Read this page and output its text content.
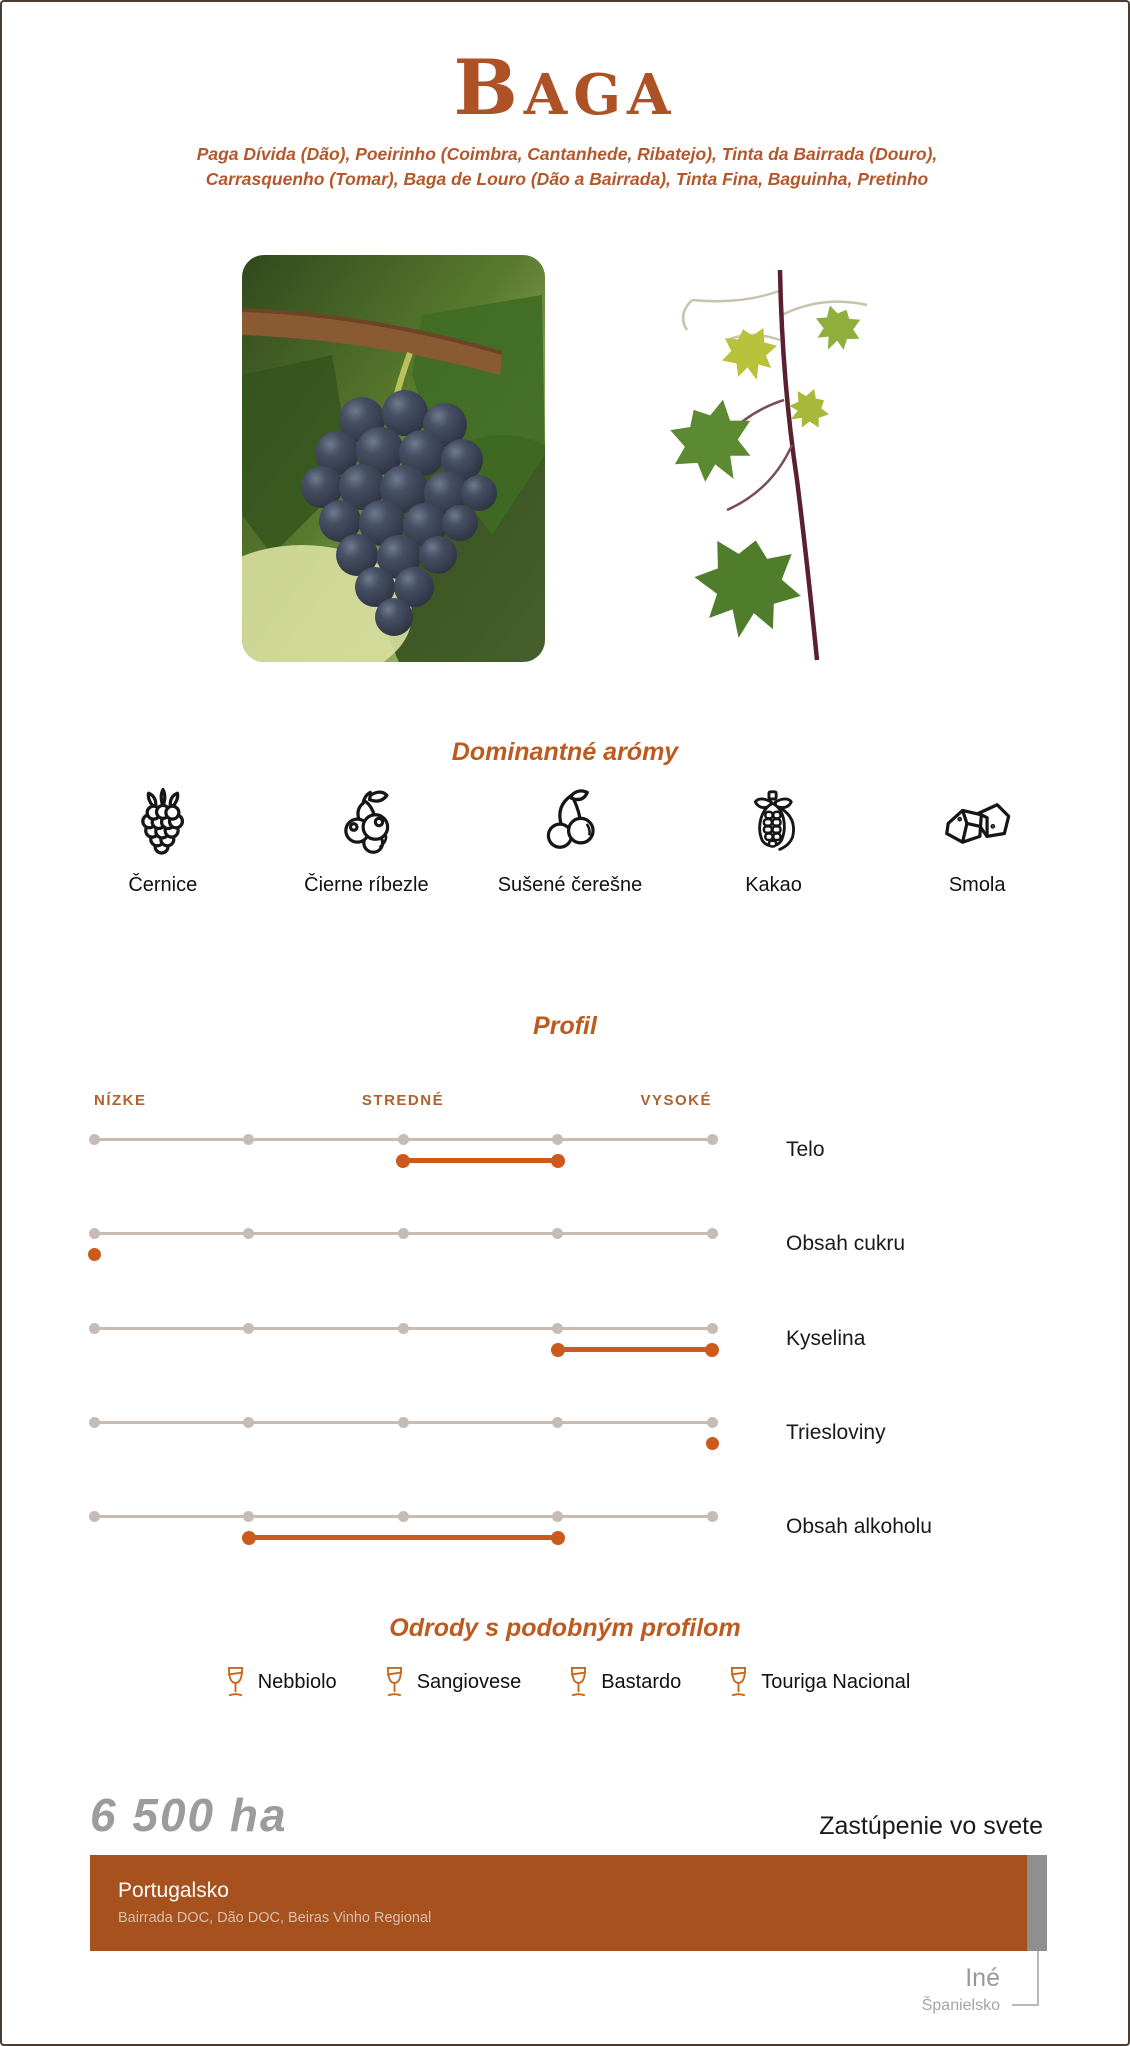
BAGA
Paga Dívida (Dão), Poeirinho (Coimbra, Cantanhede, Ribatejo), Tinta da Bairrada (Douro),
Carrasquenho (Tomar), Baga de Louro (Dão a Bairrada), Tinta Fina, Baguinha, Pretinho
Dominantné arómy
Černice	Čierne ríbezle	Sušené čerešne	Kakao	Smola
Profil
NÍZKE	STREDNÉ	VYSOKÉ
Telo
Obsah cukru
Kyselina
Triesloviny
Obsah alkoholu
Odrody s podobným profilom
Nebbiolo	Sangiovese	Bastardo	Touriga Nacional
6 500 ha	Zastúpenie vo svete
Portugalsko
Bairrada DOC, Dão DOC, Beiras Vinho Regional
Iné
Španielsko
